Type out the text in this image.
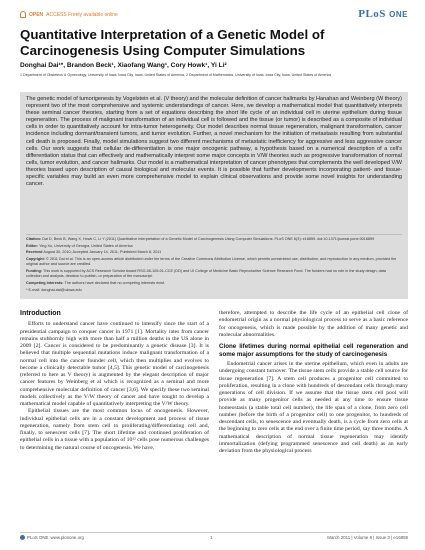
OPEN ACCESS Freely available online	PLoS ONE
Quantitative Interpretation of a Genetic Model of Carcinogenesis Using Computer Simulations
Donghai Dai¹*, Brandon Beck¹, Xiaofang Wang¹, Cory Howk¹, Yi Li²
1 Department of Obstetrics & Gynecology, University of Iowa, Iowa City, Iowa, United States of America, 2 Department of Mathematics, University of Iowa, Iowa City, Iowa, United States of America

The genetic model of tumorigenesis by Vogelstein et al. (V theory) and the molecular definition of cancer hallmarks by Hanahan and Weinberg (W theory) represent two of the most comprehensive and systemic understandings of cancer. Here, we develop a mathematical model that quantitatively interprets these seminal cancer theories, starting from a set of equations describing the short life cycle of an individual cell in uterine epithelium during tissue regeneration. The process of malignant transformation of an individual cell is followed and the tissue (or tumor) is described as a composite of individual cells in order to quantitatively account for intra-tumor heterogeneity. Our model describes normal tissue regeneration, malignant transformation, cancer incidence including dormant/transient tumors, and tumor evolution. Further, a novel mechanism for the initiation of metastasis resulting from substantial cell death is proposed. Finally, model simulations suggest two different mechanisms of metastatic inefficiency for aggressive and less aggressive cancer cells. Our work suggests that cellular de-differentiation is one major oncogenic pathway, a hypothesis based on a numerical description of a cell's differentiation status that can effectively and mathematically interpret some major concepts in V/W theories such as progressive transformation of normal cells, tumor evolution, and cancer hallmarks. Our model is a mathematical interpretation of cancer phenotypes that complements the well developed V/W theories based upon description of causal biological and molecular events. It is possible that further developments incorporating patient- and tissue-specific variables may build an even more comprehensive model to explain clinical observations and provide some novel insights for understanding cancer.

Citation: Dai D, Beck B, Wang X, Howk C, Li Y (2011) Quantitative Interpretation of a Genetic Model of Carcinogenesis Using Computer Simulations. PLoS ONE 6(3): e16859. doi:10.1371/journal.pone.0016859

Editor: Ying Xu, University of Georgia, United States of America

Received August 30, 2010; Accepted January 14, 2011; Published March 8, 2011

Copyright: © 2011 Dai et al. This is an open-access article distributed under the terms of the Creative Commons Attribution License, which permits unrestricted use, distribution, and reproduction in any medium, provided the original author and source are credited.

Funding: This work is supported by ACS Research Scholar Award RSG-06-105-01-CCE (DD) and UI College of Medicine Basic Reproductive Science Research Fund. The funders had no role in the study design, data collection and analysis, decision to publish, or preparation of the manuscript.

Competing Interests: The authors have declared that no competing interests exist.

* E-mail: donghai-dai@uiowa.edu

Introduction

Efforts to understand cancer have continued to intensify since the start of a presidential campaign to conquer cancer in 1971 [1]. Mortality rates from cancer remains stubbornly high with more than half a million deaths in the US alone in 2009 [2]. Cancer is considered to be predominantly a genetic disease [3]. It is believed that multiple sequential mutations induce malignant transformation of a normal cell into the cancer founder cell, which then multiplies and evolves to become a clinically detectable tumor [4,5]. This genetic model of carcinogenesis (referred to here as V theory) is augmented by the elegant description of major cancer features by Weinberg et al which is recognized as a seminal and more comprehensive molecular definition of cancer [3,6]. We specify these two seminal models collectively as the V/W theory of cancer and have sought to develop a mathematical model capable of quantitatively interpreting the V/W theory.

Epithelial tissues are the most common locus of oncogenesis. However, individual epithelial cells are in a constant development and process of tissue regeneration, namely from stem cell to proliferating/differentiating cell and, finally, to senescent cells [7]. The short lifetime and continued proliferation of epithelial cells in a tissue with a population of 10¹² cells pose numerous challenges to determining the natural course of oncogenesis. We have,

therefore, attempted to describe the life cycle of an epithelial cell clone of endometrial origin as a normal physiological process to serve as a basic reference for oncogenesis, which is made possible by the addition of many genetic and molecular abnormalities.

Clone lifetimes during normal epithelial cell regeneration and some major assumptions for the study of carcinogenesis

Endometrial cancer arises in the uterine epithelium, which even in adults are undergoing constant turnover. The tissue stem cells provide a stable cell source for tissue regeneration [7]. A stem cell produces a progenitor cell committed to proliferation, resulting in a clone with hundreds of descendant cells through many generations of cell division. If we assume that the tissue stem cell pool will provide as many progenitor cells as needed at any time to ensure tissue homeostasis (a stable total cell number), the life span of a clone, from zero cell number (before the birth of a progenitor cell) to one progenitor, to hundreds of descendant cells, to senescence and eventually death, is a cycle from zero cells at the beginning to zero cells at the end over a finite time period, say three months. A mathematical description of normal tissue regeneration may identify immortalization (defying programmed senescence and cell death) as an early deviation from the physiological process

PLoS ONE www.plosone.org	1	March 2011 | Volume 6 | Issue 3 | e16859
